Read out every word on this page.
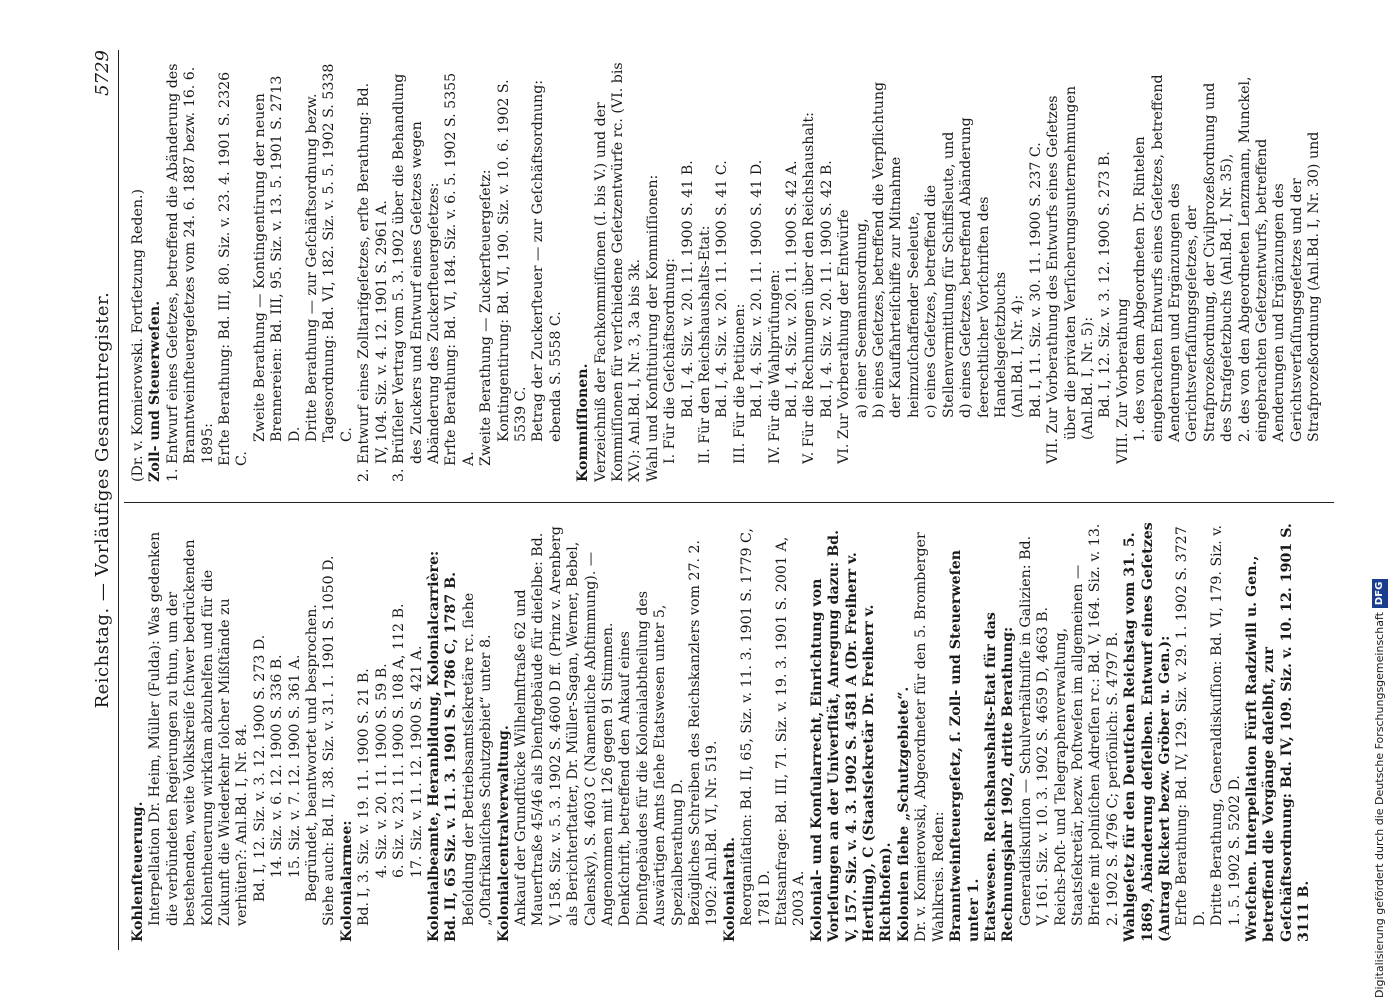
Reichstag. — Vorläufiges Gesammtregister.
5729

Kohlenſteuerung. Interpellation Dr. Heim, Müller (Fulda): Was gedenken die verbündeten Regierungen zu thun, um der bestehenden, weite Volkskreiſe ſchwer bedrückenden Kohlentheuerung wirkſam abzuhelfen und für die Zukunft die Wiederkehr ſolcher Mißſtände zu verhüten?: Anl.Bd. I, Nr. 84. Bd. I, 12. Siz. v. 3. 12. 1900 S. 273 D. 14. Siz. v. 6. 12. 1900 S. 336 B. 15. Siz. v. 7. 12. 1900 S. 361 A. Begründet, beantwortet und besprochen. Siehe auch: Bd. II, 38. Siz. v. 31. 1. 1901 S. 1050 D. Kolonialarmee: Bd. I, 3. Siz. v. 19. 11. 1900 S. 21 B. 4. Siz. v. 20. 11. 1900 S. 59 B. 6. Siz. v. 23. 11. 1900 S. 108 A, 112 B. 17. Siz. v. 11. 12. 1900 S. 421 A. Kolonialbeamte, Heranbildung, Kolonialcarrière: Bd. II, 65 Siz. v. 11. 3. 1901 S. 1786 C, 1787 B. Beſoldung der Betriebsamtsſekretäre rc. ſiehe „Oſtafrikaniſches Schutzgebiet“ unter 8. Kolonialcentralverwaltung. Ankauf der Grundſtücke Wilhelmſtraße 62 und Mauerſtraße 45/46 als Dienſtgebäude für dieſelbe: Bd. V, 158. Siz. v. 5. 3. 1902 S. 4600 D ff. (Prinz v. Arenberg als Berichterſtatter, Dr. Müller-Sagan, Werner, Bebel, Calensky), S. 4603 C (Namentliche Abſtimmung). — Angenommen mit 126 gegen 91 Stimmen. Denkſchrift, betreffend den Ankauf eines Dienſtgebäudes für die Kolonialabtheilung des Auswärtigen Amts ſiehe Etatswesen unter 5, Spezialberathung D. Bezügliches Schreiben des Reichskanzlers vom 27. 2. 1902: Anl.Bd. VI, Nr. 519. Kolonialrath. Reorganiſation: Bd. II, 65, Siz. v. 11. 3. 1901 S. 1779 C, 1781 D. Etatsanfrage: Bd. III, 71. Siz. v. 19. 3. 1901 S. 2001 A, 2003 A. Kolonial- und Konſularrecht, Einrichtung von Vorleſungen an der Univerſität, Anregung dazu: Bd. V, 157. Siz. v. 4. 3. 1902 S. 4581 A (Dr. Freiherr v. Hertling), C (Staatsſekretär Dr. Freiherr v. Richthofen). Kolonien ſiehe „Schutzgebiete“. Dr. v. Komierowski, Abgeordneter für den 5. Bromberger Wahlkreis. Reden: Branntweinſteuergeſetz, ſ. Zoll- und Steuerweſen unter 1. Etatswesen. Reichshaushalts-Etat für das Rechnungsjahr 1902, dritte Berathung: Generaldiskuſſion — Schulverhältniſſe in Galizien: Bd. V, 161. Siz. v. 10. 3. 1902 S. 4659 D, 4663 B. Reichs-Poſt- und Telegraphenverwaltung, Staatsſekretär, bezw. Poſtweſen im allgemeinen — Briefe mit polniſchen Adreſſen rc.: Bd. V, 164. Siz. v. 13. 2. 1902 S. 4796 C; perſönlich: S. 4797 B. Wahlgeſetz für den Deutſchen Reichstag vom 31. 5. 1869, Abänderung deſſelben. Entwurf eines Geſetzes (Antrag Rickert bezw. Gröber u. Gen.): Erſte Berathung: Bd. IV, 129. Siz. v. 29. 1. 1902 S. 3727 D. Dritte Berathung, Generaldiskuſſion: Bd. VI, 179. Siz. v. 1. 5. 1902 S. 5202 D. Wreſchen. Interpellation Fürſt Radziwill u. Gen., betreffend die Vorgänge daſelbſt, zur Geſchäftsordnung: Bd. IV, 109. Siz. v. 10. 12. 1901 S. 3111 B.

(Dr. v. Komierowski. Fortſetzung Reden.) Zoll- und Steuerweſen. 1. Entwurf eines Geſetzes, betreffend die Abänderung des Branntweinſteuergeſetzes vom 24. 6. 1887 bezw. 16. 6. 1895: Erſte Berathung: Bd. III, 80. Siz. v. 23. 4. 1901 S. 2326 C.

Zweite Berathung — Kontingentirung der neuen Brennereien: Bd. III, 95. Siz. v. 13. 5. 1901 S. 2713 D. Dritte Berathung — zur Geſchäftsordnung bezw. Tagesordnung: Bd. VI, 182. Siz. v. 5. 5. 1902 S. 5338 C. 2. Entwurf eines Zolltarifgeſetzes, erſte Berathung: Bd. IV, 104. Siz. v. 4. 12. 1901 S. 2961 A. 3. Brüſſeler Vertrag vom 5. 3. 1902 über die Behandlung des Zuckers und Entwurf eines Geſetzes wegen Abänderung des Zuckerſteuergeſetzes: Erſte Berathung: Bd. VI, 184. Siz. v. 6. 5. 1902 S. 5355 A. Zweite Berathung — Zuckerſteuergeſetz: Kontingentirung: Bd. VI, 190. Siz. v. 10. 6. 1902 S. 5539 C. Betrag der Zuckerſteuer — zur Geſchäftsordnung: ebenda S. 5558 C. Kommiſſionen. Verzeichniß der Fachkommiſſionen (I. bis V.) und der Kommiſſionen für verſchiedene Geſetzentwürfe rc. (VI. bis XV.): Anl.Bd. I, Nr. 3, 3a bis 3k. Wahl und Konſtituirung der Kommiſſionen: I. Für die Geſchäftsordnung: Bd. I, 4. Siz. v. 20. 11. 1900 S. 41 B. II. Für den Reichshaushalts-Etat: Bd. I, 4. Siz. v. 20. 11. 1900 S. 41 C. III. Für die Petitionen: Bd. I, 4. Siz. v. 20. 11. 1900 S. 41 D. IV. Für die Wahlprüfungen: Bd. I, 4. Siz. v. 20. 11. 1900 S. 42 A. V. Für die Rechnungen über den Reichshaushalt: Bd. I, 4. Siz. v. 20. 11. 1900 S. 42 B. VI. Zur Vorberathung der Entwürfe a) einer Seemannsordnung, b) eines Geſetzes, betreffend die Verpflichtung der Kauffahrteiſchiffe zur Mitnahme heimzuſchaffender Seeleute, c) eines Geſetzes, betreffend die Stellenvermittlung für Schiffsleute, und d) eines Geſetzes, betreffend Abänderung ſeerechtlicher Vorſchriften des Handelsgeſetzbuchs (Anl.Bd. I, Nr. 4): Bd. I, 11. Siz. v. 30. 11. 1900 S. 237 C. VII. Zur Vorberathung des Entwurfs eines Geſetzes über die privaten Verſicherungsunternehmungen (Anl.Bd. I, Nr. 5): Bd. I, 12. Siz. v. 3. 12. 1900 S. 273 B. VIII. Zur Vorberathung 1. des von dem Abgeordneten Dr. Rintelen eingebrachten Entwurfs eines Geſetzes, betreffend Aenderungen und Ergänzungen des Gerichtsverfaſſungsgeſetzes, der Strafprozeßordnung, der Civilprozeßordnung und des Strafgeſetzbuchs (Anl.Bd. I, Nr. 35), 2. des von den Abgeordneten Lenzmann, Munckel, eingebrachten Geſetzentwurfs, betreffend Aenderungen und Ergänzungen des Gerichtsverfaſſungsgeſetzes und der Strafprozeßordnung (Anl.Bd. I, Nr. 30) und

Digitalisierung gefördert durch die Deutsche ForschungsgemeinschaftDFG
